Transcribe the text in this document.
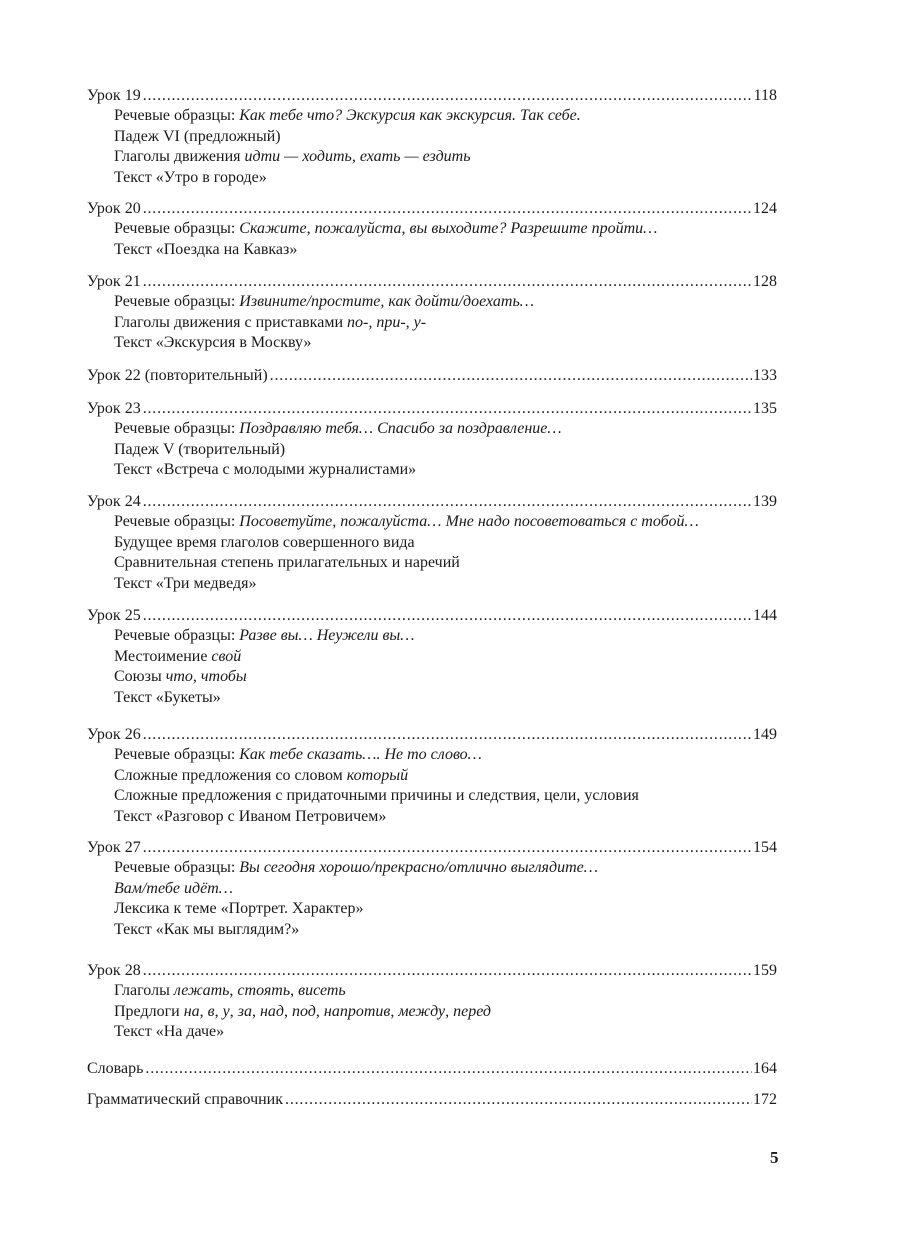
Урок 19 . . .	118
Речевые образцы: Как тебе что? Экскурсия как экскурсия. Так себе.
Падеж VI (предложный)
Глаголы движения идти — ходить, ехать — ездить
Текст «Утро в городе»
Урок 20 . . .	124
Речевые образцы: Скажите, пожалуйста, вы выходите? Разрешите пройти…
Текст «Поездка на Кавказ»
Урок 21 . . .	128
Речевые образцы: Извините/простите, как дойти/доехать…
Глаголы движения с приставками по-, при-, у-
Текст «Экскурсия в Москву»
Урок 22 (повторительный) . . .	133
Урок 23 . . .	135
Речевые образцы: Поздравляю тебя… Спасибо за поздравление…
Падеж V (творительный)
Текст «Встреча с молодыми журналистами»
Урок 24 . . .	139
Речевые образцы: Посоветуйте, пожалуйста… Мне надо посоветоваться с тобой…
Будущее время глаголов совершенного вида
Сравнительная степень прилагательных и наречий
Текст «Три медведя»
Урок 25 . . .	144
Речевые образцы: Разве вы… Неужели вы…
Местоимение свой
Союзы что, чтобы
Текст «Букеты»
Урок 26 . . .	149
Речевые образцы: Как тебе сказать…. Не то слово…
Сложные предложения со словом который
Сложные предложения с придаточными причины и следствия, цели, условия
Текст «Разговор с Иваном Петровичем»
Урок 27 . . .	154
Речевые образцы: Вы сегодня хорошо/прекрасно/отлично выглядите…
Вам/тебе идёт…
Лексика к теме «Портрет. Характер»
Текст «Как мы выглядим?»
Урок 28 . . .	159
Глаголы лежать, стоять, висеть
Предлоги на, в, у, за, над, под, напротив, между, перед
Текст «На даче»
Словарь . . .	164
Грамматический справочник . . .	172
5
